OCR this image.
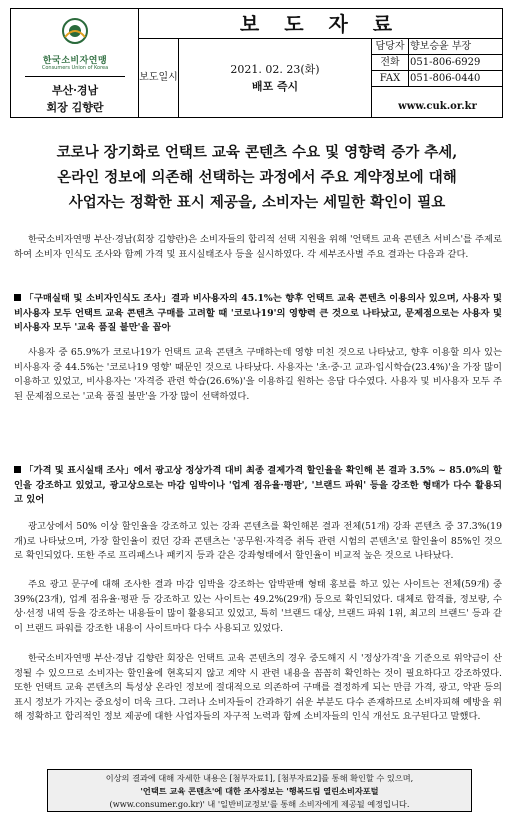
한국소비자연맹
Consumers Union of Korea
부산·경남
회장 김향란
보 도 자 료
보도일시
2021. 02. 23(화)
배포 즉시
담당자 향보승윤 부장
전화	051-806-6929
FAX 051-806-0440
www.cuk.or.kr
코로나 장기화로 언택트 교육 콘텐츠 수요 및 영향력 증가 추세,
온라인 정보에 의존해 선택하는 과정에서 주요 계약정보에 대해
사업자는 정확한 표시 제공을, 소비자는 세밀한 확인이 필요
한국소비자연맹 부산·경남(회장 김향란)은 소비자들의 합리적 선택 지원을 위해 '언택트 교육 콘텐츠 서비스'를 주제로 하여 소비자 인식도 조사와 함께 가격 및 표시실태조사 등을 실시하였다. 각 세부조사별 주요 결과는 다음과 같다.
「구매실태 및 소비자인식도 조사」결과 비사용자의 45.1%는 향후 언택트 교육 콘텐츠 이용의사 있으며, 사용자 및 비사용자 모두 언택트 교육 콘텐츠 구매를 고려할 때 '코로나19'의 영향력 큰 것으로 나타났고, 문제점으로는 사용자 및 비사용자 모두 '교육 품질 불만'을 꼽아
사용자 중 65.9%가 코로나19가 언택트 교육 콘텐츠 구매하는데 영향 미친 것으로 나타났고, 향후 이용할 의사 있는 비사용자 중 44.5%는 '코로나19 영향' 때문인 것으로 나타났다. 사용자는 '초·중·고 교과·입시학습(23.4%)'을 가장 많이 이용하고 있었고, 비사용자는 '자격증 관련 학습(26.6%)'을 이용하길 원하는 응답 다수였다. 사용자 및 비사용자 모두 주된 문제점으로는 '교육 품질 불만'을 가장 많이 선택하였다.
「가격 및 표시실태 조사」에서 광고상 정상가격 대비 최종 결제가격 할인율을 확인해 본 결과 3.5% ~ 85.0%의 할인을 강조하고 있었고, 광고상으로는 마감 임박이나 '업계 점유율·평판', '브랜드 파워' 등을 강조한 형태가 다수 활용되고 있어
광고상에서 50% 이상 할인율을 강조하고 있는 강좌 콘텐츠를 확인해본 결과 전체(51개) 강좌 콘텐츠 중 37.3%(19개)로 나타났으며, 가장 할인율이 컸던 강좌 콘텐츠는 '공무원·자격증 취득 관련 시험의 콘텐츠'로 할인율이 85%인 것으로 확인되었다. 또한 주로 프리패스나 패키지 등과 같은 강좌형태에서 할인율이 비교적 높은 것으로 나타났다.
주요 광고 문구에 대해 조사한 결과 마감 임박을 강조하는 압박판매 형태 홍보를 하고 있는 사이트는 전체(59개) 중 39%(23개), 업계 점유율·평판 등 강조하고 있는 사이트는 49.2%(29개) 등으로 확인되었다. 대체로 합격률, 정보량, 수상·선정 내역 등을 강조하는 내용들이 많이 활용되고 있었고, 특히 '브랜드 대상, 브랜드 파워 1위, 최고의 브랜드' 등과 같이 브랜드 파워를 강조한 내용이 사이트마다 다수 사용되고 있었다.
한국소비자연맹 부산·경남 김향란 회장은 언택트 교육 콘텐츠의 경우 중도해지 시 '정상가격'을 기준으로 위약금이 산정될 수 있으므로 소비자는 할인율에 현혹되지 않고 계약 시 관련 내용을 꼼꼼히 확인하는 것이 필요하다고 강조하였다. 또한 언택트 교육 콘텐츠의 특성상 온라인 정보에 절대적으로 의존하여 구매를 결정하게 되는 만큼 가격, 광고, 약관 등의 표시 정보가 가지는 중요성이 더욱 크다. 그러나 소비자들이 간과하기 쉬운 부분도 다수 존재하므로 소비자피해 예방을 위해 정확하고 합리적인 정보 제공에 대한 사업자들의 자구적 노력과 함께 소비자들의 인식 개선도 요구된다고 말했다.
이상의 결과에 대해 자세한 내용은 [첨부자료1], [첨부자료2]를 통해 확인할 수 있으며,
'언택트 교육 콘텐츠'에 대한 조사정보는 '행복드림 열린소비자포털
(www.consumer.go.kr)' 내 '일반비교정보'를 통해 소비자에게 제공될 예정입니다.
